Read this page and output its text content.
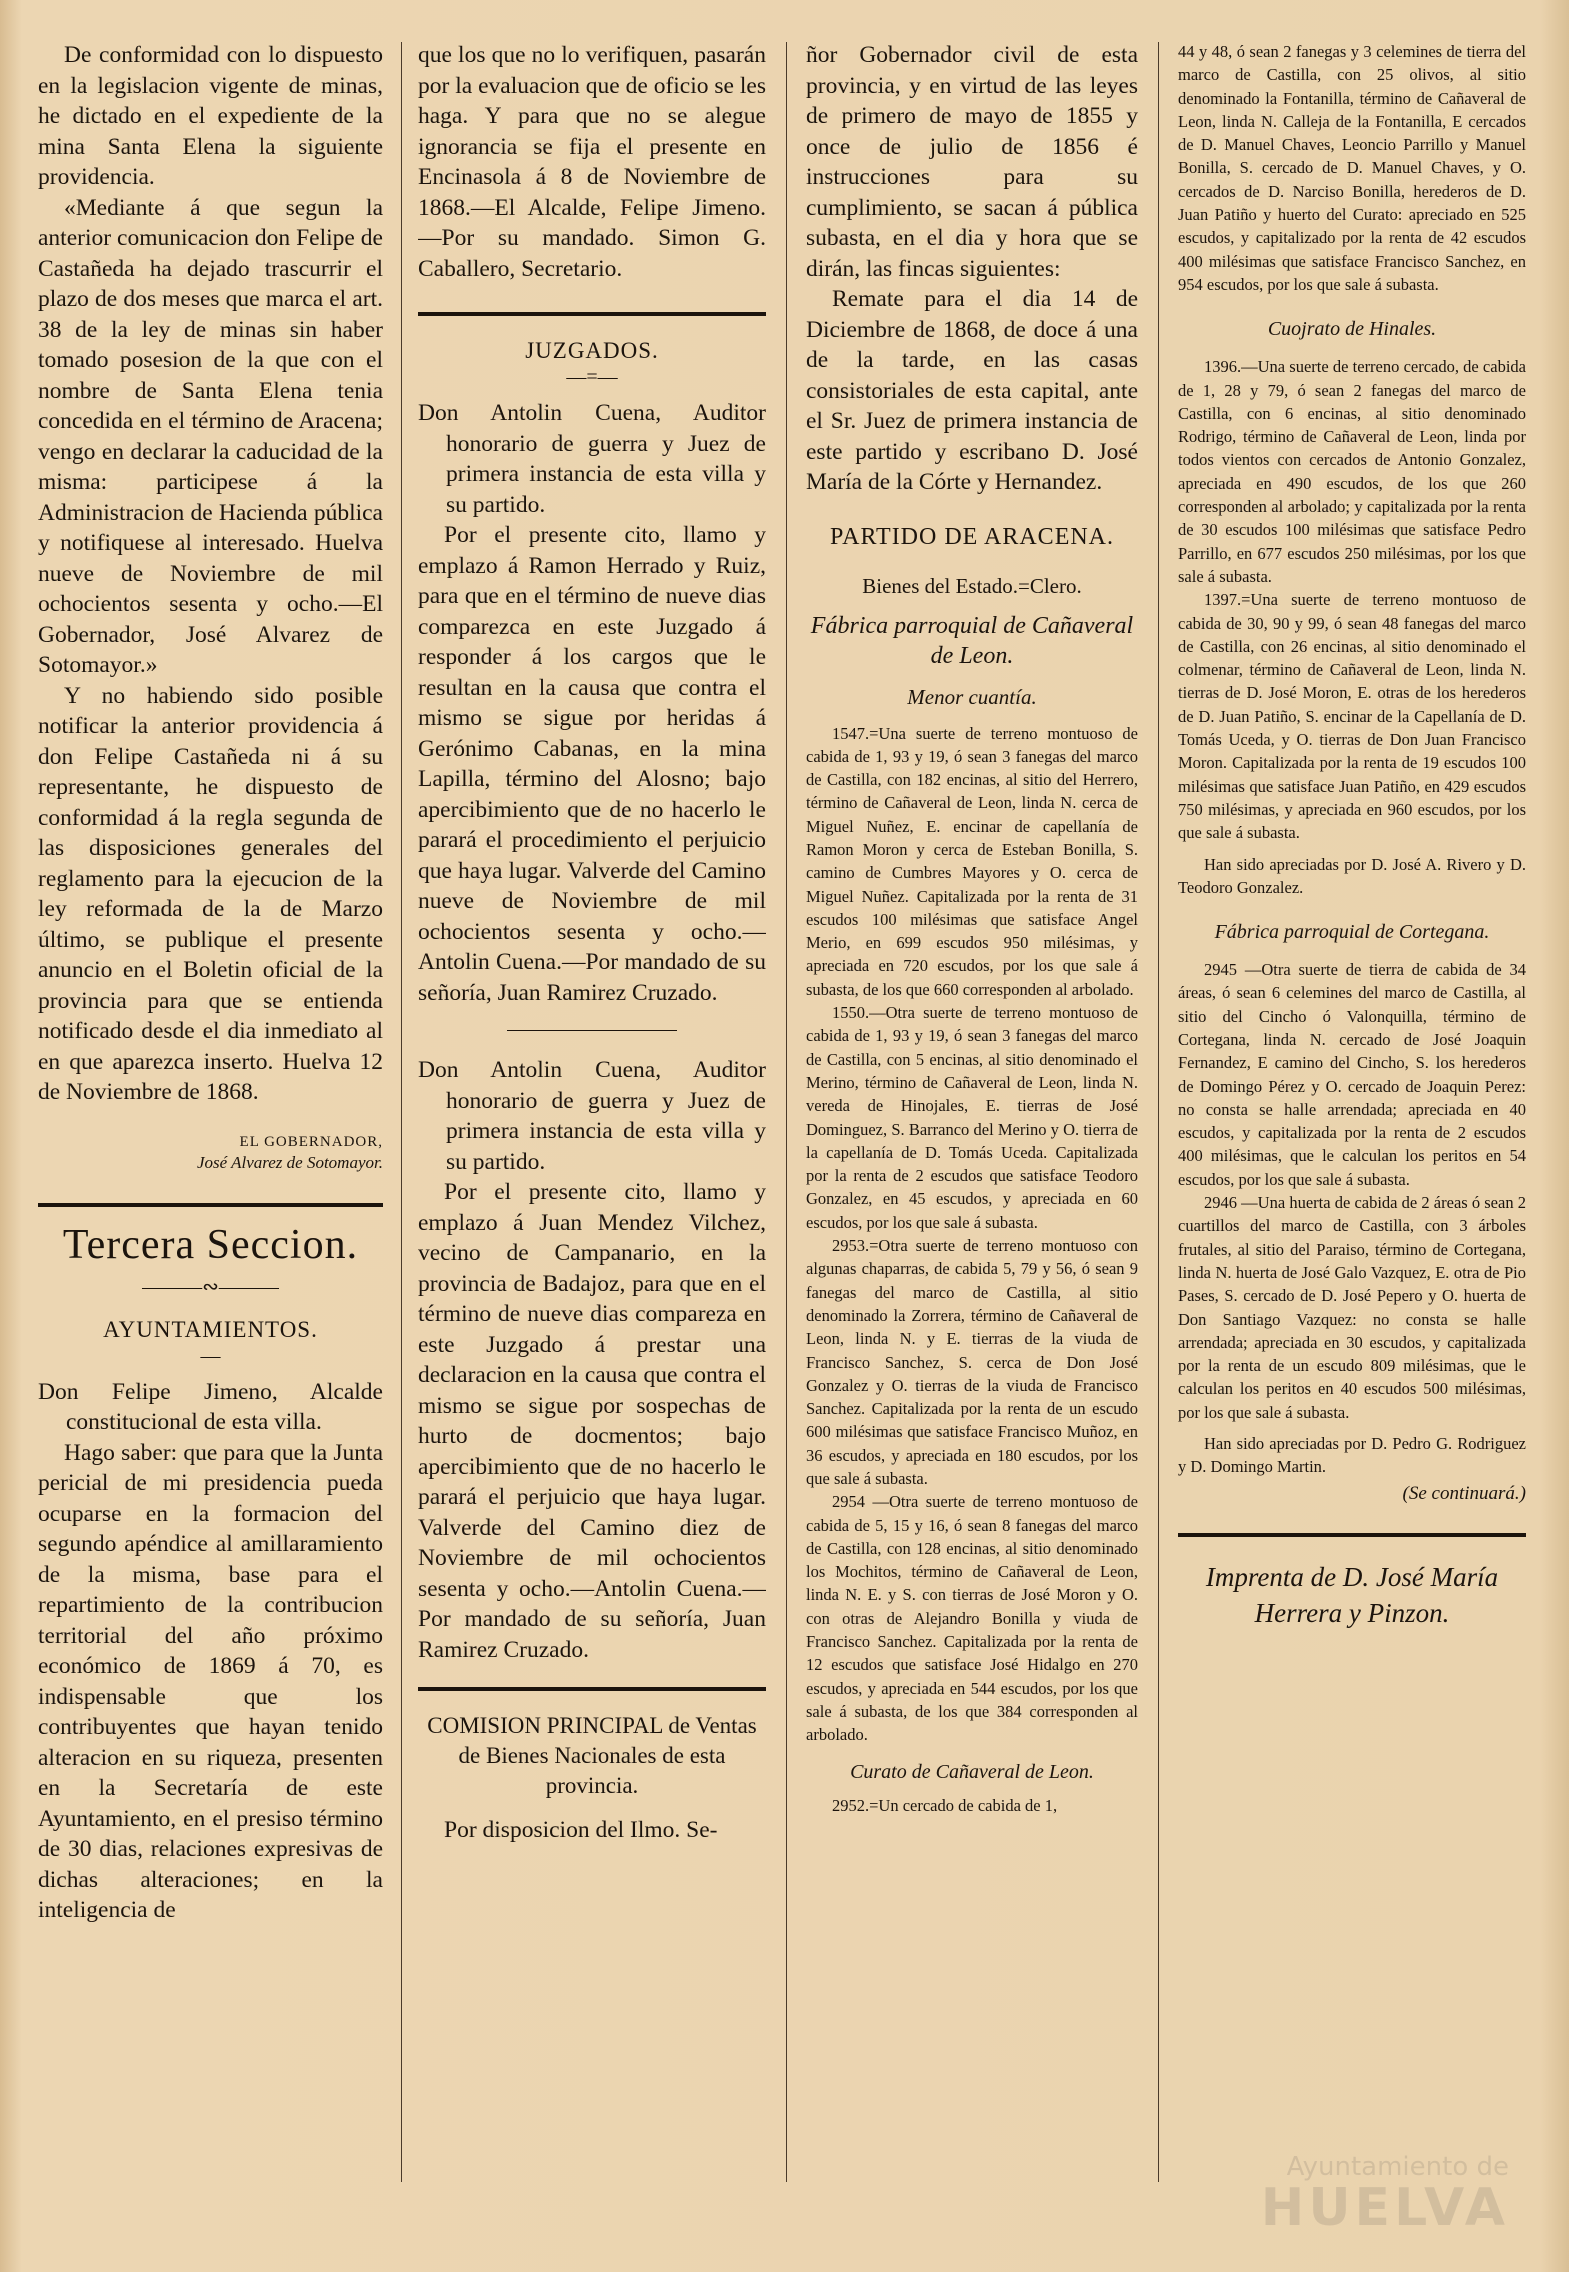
De conformidad con lo dispuesto en la legislacion vigente de minas, he dictado en el expediente de la mina Santa Elena la siguiente providencia.

«Mediante á que segun la anterior comunicacion don Felipe de Castañeda ha dejado trascurrir el plazo de dos meses que marca el art. 38 de la ley de minas sin haber tomado posesion de la que con el nombre de Santa Elena tenia concedida en el término de Aracena; vengo en declarar la caducidad de la misma: participese á la Administracion de Hacienda pública y notifiquese al interesado. Huelva nueve de Noviembre de mil ochocientos sesenta y ocho.—El Gobernador, José Alvarez de Sotomayor.»

Y no habiendo sido posible notificar la anterior providencia á don Felipe Castañeda ni á su representante, he dispuesto de conformidad á la regla segunda de las disposiciones generales del reglamento para la ejecucion de la ley reformada de la de Marzo último, se publique el presente anuncio en el Boletin oficial de la provincia para que se entienda notificado desde el dia inmediato al en que aparezca inserto. Huelva 12 de Noviembre de 1868.

EL GOBERNADOR,
José Alvarez de Sotomayor.
Tercera Seccion.
———∾———
AYUNTAMIENTOS.
—

Don Felipe Jimeno, Alcalde constitucional de esta villa.

Hago saber: que para que la Junta pericial de mi presidencia pueda ocuparse en la formacion del segundo apéndice al amillaramiento de la misma, base para el repartimiento de la contribucion territorial del año próximo económico de 1869 á 70, es indispensable que los contribuyentes que hayan tenido alteracion en su riqueza, presenten en la Secretaría de este Ayuntamiento, en el presiso término de 30 dias, relaciones expresivas de dichas alteraciones; en la inteligencia de

que los que no lo verifiquen, pasarán por la evaluacion que de oficio se les haga. Y para que no se alegue ignorancia se fija el presente en Encinasola á 8 de Noviembre de 1868.—El Alcalde, Felipe Jimeno.—Por su mandado. Simon G. Caballero, Secretario.

JUZGADOS.
—=—

Don Antolin Cuena, Auditor honorario de guerra y Juez de primera instancia de esta villa y su partido.

Por el presente cito, llamo y emplazo á Ramon Herrado y Ruiz, para que en el término de nueve dias comparezca en este Juzgado á responder á los cargos que le resultan en la causa que contra el mismo se sigue por heridas á Gerónimo Cabanas, en la mina Lapilla, término del Alosno; bajo apercibimiento que de no hacerlo le parará el procedimiento el perjuicio que haya lugar. Valverde del Camino nueve de Noviembre de mil ochocientos sesenta y ocho.—Antolin Cuena.—Por mandado de su señoría, Juan Ramirez Cruzado.

Don Antolin Cuena, Auditor honorario de guerra y Juez de primera instancia de esta villa y su partido.

Por el presente cito, llamo y emplazo á Juan Mendez Vilchez, vecino de Campanario, en la provincia de Badajoz, para que en el término de nueve dias compareza en este Juzgado á prestar una declaracion en la causa que contra el mismo se sigue por sospechas de hurto de docmentos; bajo apercibimiento que de no hacerlo le parará el perjuicio que haya lugar. Valverde del Camino diez de Noviembre de mil ochocientos sesenta y ocho.—Antolin Cuena.—Por mandado de su señoría, Juan Ramirez Cruzado.

COMISION PRINCIPAL de Ventas de Bienes Nacionales de esta provincia.

Por disposicion del Ilmo. Se-

ñor Gobernador civil de esta provincia, y en virtud de las leyes de primero de mayo de 1855 y once de julio de 1856 é instrucciones para su cumplimiento, se sacan á pública subasta, en el dia y hora que se dirán, las fincas siguientes:

Remate para el dia 14 de Diciembre de 1868, de doce á una de la tarde, en las casas consistoriales de esta capital, ante el Sr. Juez de primera instancia de este partido y escribano D. José María de la Córte y Hernandez.

PARTIDO DE ARACENA.
Bienes del Estado.=Clero.
Fábrica parroquial de Cañaveral de Leon.
Menor cuantía.

1547.=Una suerte de terreno montuoso de cabida de 1, 93 y 19, ó sean 3 fanegas del marco de Castilla, con 182 encinas, al sitio del Herrero, término de Cañaveral de Leon, linda N. cerca de Miguel Nuñez, E. encinar de capellanía de Ramon Moron y cerca de Esteban Bonilla, S. camino de Cumbres Mayores y O. cerca de Miguel Nuñez. Capitalizada por la renta de 31 escudos 100 milésimas que satisface Angel Merio, en 699 escudos 950 milésimas, y apreciada en 720 escudos, por los que sale á subasta, de los que 660 corresponden al arbolado.

1550.—Otra suerte de terreno montuoso de cabida de 1, 93 y 19, ó sean 3 fanegas del marco de Castilla, con 5 encinas, al sitio denominado el Merino, término de Cañaveral de Leon, linda N. vereda de Hinojales, E. tierras de José Dominguez, S. Barranco del Merino y O. tierra de la capellanía de D. Tomás Uceda. Capitalizada por la renta de 2 escudos que satisface Teodoro Gonzalez, en 45 escudos, y apreciada en 60 escudos, por los que sale á subasta.

2953.=Otra suerte de terreno montuoso con algunas chaparras, de cabida 5, 79 y 56, ó sean 9 fanegas del marco de Castilla, al sitio denominado la Zorrera, término de Cañaveral de Leon, linda N. y E. tierras de la viuda de Francisco Sanchez, S. cerca de Don José Gonzalez y O. tierras de la viuda de Francisco Sanchez. Capitalizada por la renta de un escudo 600 milésimas que satisface Francisco Muñoz, en 36 escudos, y apreciada en 180 escudos, por los que sale á subasta.

2954 —Otra suerte de terreno montuoso de cabida de 5, 15 y 16, ó sean 8 fanegas del marco de Castilla, con 128 encinas, al sitio denominado los Mochitos, término de Cañaveral de Leon, linda N. E. y S. con tierras de José Moron y O. con otras de Alejandro Bonilla y viuda de Francisco Sanchez. Capitalizada por la renta de 12 escudos que satisface José Hidalgo en 270 escudos, y apreciada en 544 escudos, por los que sale á subasta, de los que 384 corresponden al arbolado.

Curato de Cañaveral de Leon.

2952.=Un cercado de cabida de 1,

44 y 48, ó sean 2 fanegas y 3 celemines de tierra del marco de Castilla, con 25 olivos, al sitio denominado la Fontanilla, término de Cañaveral de Leon, linda N. Calleja de la Fontanilla, E cercados de D. Manuel Chaves, Leoncio Parrillo y Manuel Bonilla, S. cercado de D. Manuel Chaves, y O. cercados de D. Narciso Bonilla, herederos de D. Juan Patiño y huerto del Curato: apreciado en 525 escudos, y capitalizado por la renta de 42 escudos 400 milésimas que satisface Francisco Sanchez, en 954 escudos, por los que sale á subasta.

Cuojrato de Hinales.

1396.—Una suerte de terreno cercado, de cabida de 1, 28 y 79, ó sean 2 fanegas del marco de Castilla, con 6 encinas, al sitio denominado Rodrigo, término de Cañaveral de Leon, linda por todos vientos con cercados de Antonio Gonzalez, apreciada en 490 escudos, de los que 260 corresponden al arbolado; y capitalizada por la renta de 30 escudos 100 milésimas que satisface Pedro Parrillo, en 677 escudos 250 milésimas, por los que sale á subasta.

1397.=Una suerte de terreno montuoso de cabida de 30, 90 y 99, ó sean 48 fanegas del marco de Castilla, con 26 encinas, al sitio denominado el colmenar, término de Cañaveral de Leon, linda N. tierras de D. José Moron, E. otras de los herederos de D. Juan Patiño, S. encinar de la Capellanía de D. Tomás Uceda, y O. tierras de Don Juan Francisco Moron. Capitalizada por la renta de 19 escudos 100 milésimas que satisface Juan Patiño, en 429 escudos 750 milésimas, y apreciada en 960 escudos, por los que sale á subasta.

Han sido apreciadas por D. José A. Rivero y D. Teodoro Gonzalez.

Fábrica parroquial de Cortegana.

2945 —Otra suerte de tierra de cabida de 34 áreas, ó sean 6 celemines del marco de Castilla, al sitio del Cincho ó Valonquilla, término de Cortegana, linda N. cercado de José Joaquin Fernandez, E camino del Cincho, S. los herederos de Domingo Pérez y O. cercado de Joaquin Perez: no consta se halle arrendada; apreciada en 40 escudos, y capitalizada por la renta de 2 escudos 400 milésimas, que le calculan los peritos en 54 escudos, por los que sale á subasta.

2946 —Una huerta de cabida de 2 áreas ó sean 2 cuartillos del marco de Castilla, con 3 árboles frutales, al sitio del Paraiso, término de Cortegana, linda N. huerta de José Galo Vazquez, E. otra de Pio Pases, S. cercado de D. José Pepero y O. huerta de Don Santiago Vazquez: no consta se halle arrendada; apreciada en 30 escudos, y capitalizada por la renta de un escudo 809 milésimas, que le calculan los peritos en 40 escudos 500 milésimas, por los que sale á subasta.

Han sido apreciadas por D. Pedro G. Rodriguez y D. Domingo Martin.

(Se continuará.)
Imprenta de D. José María Herrera y Pinzon.
Ayuntamiento de
HUELVA
